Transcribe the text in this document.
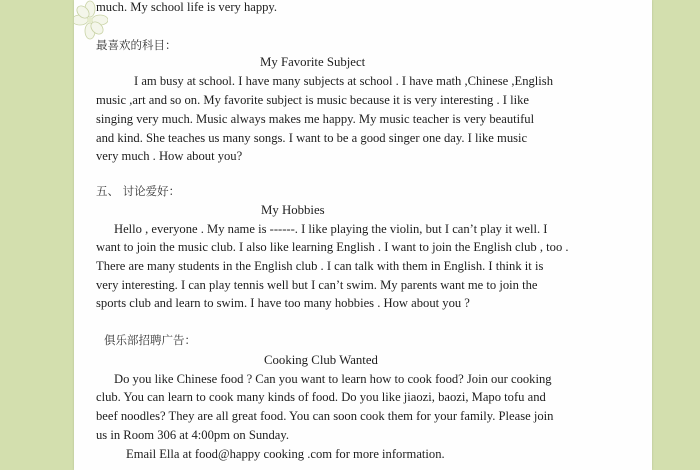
much. My school life is very happy.
最喜欢的科目：
My Favorite Subject
I am busy at school. I have many subjects at school . I have math ,Chinese ,English
music ,art and so on. My favorite subject is music because it is very interesting . I like
singing very much. Music always makes me happy. My music teacher is very beautiful
and kind. She teaches us many songs. I want to be a good singer one day. I like music
very much . How about you?
五、 讨论爱好：
My Hobbies
Hello , everyone . My name is ------. I like playing the violin, but I can’t play it well. I
want to join the music club. I also like learning English . I want to join the English club , too .
There are many students in the English club . I can talk with them in English. I think it is
very interesting. I can play tennis well but I can’t swim. My parents want me to join the
sports club and learn to swim. I have too many hobbies . How about you ?
俱乐部招聘广告：
Cooking Club Wanted
Do you like Chinese food ? Can you want to learn how to cook food? Join our cooking
club. You can learn to cook many kinds of food. Do you like jiaozi, baozi, Mapo tofu and
beef noodles? They are all great food. You can soon cook them for your family. Please join
us in Room 306 at 4:00pm on Sunday.
Email Ella at food@happy cooking .com for more information.
